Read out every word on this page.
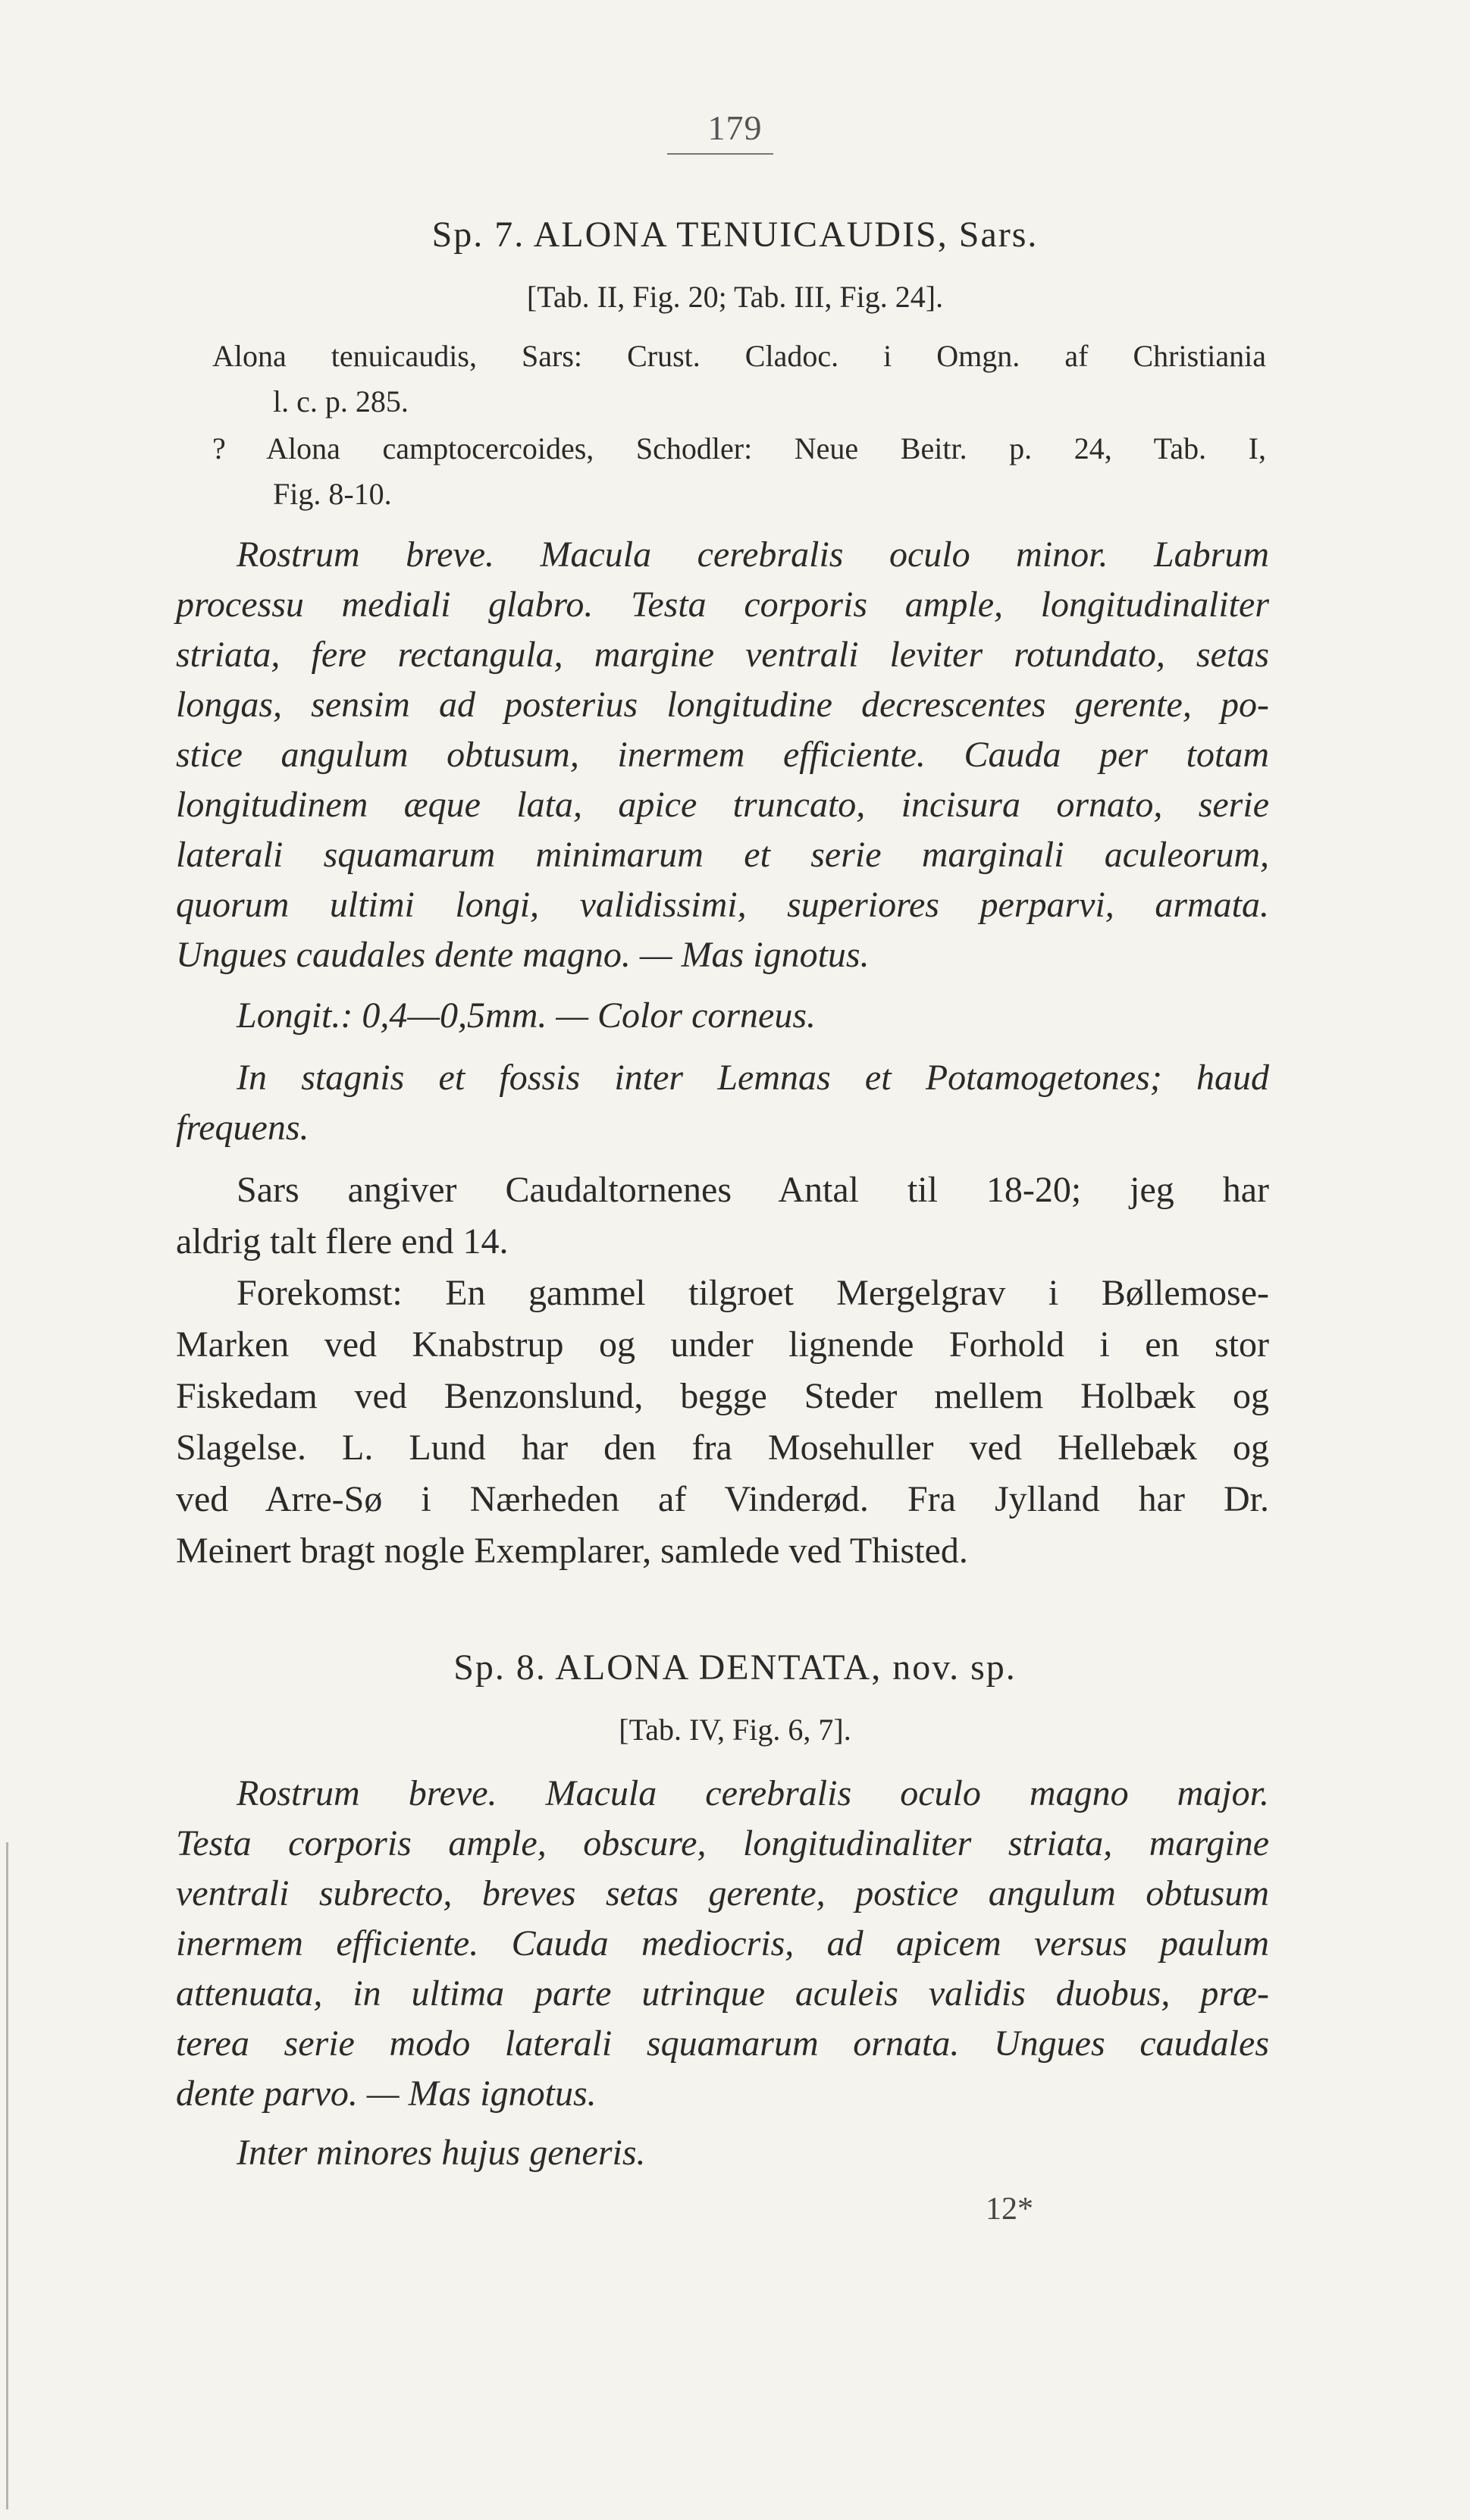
179
Sp. 7. ALONA TENUICAUDIS, Sars.
[Tab. II, Fig. 20; Tab. III, Fig. 24].
Alona tenuicaudis, Sars: Crust. Cladoc. i Omgn. af Christiania
l. c. p. 285.
? Alona camptocercoides, Schodler: Neue Beitr. p. 24, Tab. I,
Fig. 8-10.
Rostrum breve. Macula cerebralis oculo minor. Labrum
processu mediali glabro. Testa corporis ample, longitudinaliter
striata, fere rectangula, margine ventrali leviter rotundato, setas
longas, sensim ad posterius longitudine decrescentes gerente, po-
stice angulum obtusum, inermem efficiente. Cauda per totam
longitudinem æque lata, apice truncato, incisura ornato, serie
laterali squamarum minimarum et serie marginali aculeorum,
quorum ultimi longi, validissimi, superiores perparvi, armata.
Ungues caudales dente magno. — Mas ignotus.
Longit.: 0,4—0,5mm. — Color corneus.
In stagnis et fossis inter Lemnas et Potamogetones; haud
frequens.
Sars angiver Caudaltornenes Antal til 18-20; jeg har
aldrig talt flere end 14.
Forekomst: En gammel tilgroet Mergelgrav i Bøllemose-
Marken ved Knabstrup og under lignende Forhold i en stor
Fiskedam ved Benzonslund, begge Steder mellem Holbæk og
Slagelse. L. Lund har den fra Mosehuller ved Hellebæk og
ved Arre-Sø i Nærheden af Vinderød. Fra Jylland har Dr.
Meinert bragt nogle Exemplarer, samlede ved Thisted.
Sp. 8. ALONA DENTATA, nov. sp.
[Tab. IV, Fig. 6, 7].
Rostrum breve. Macula cerebralis oculo magno major.
Testa corporis ample, obscure, longitudinaliter striata, margine
ventrali subrecto, breves setas gerente, postice angulum obtusum
inermem efficiente. Cauda mediocris, ad apicem versus paulum
attenuata, in ultima parte utrinque aculeis validis duobus, præ-
terea serie modo laterali squamarum ornata. Ungues caudales
dente parvo. — Mas ignotus.
Inter minores hujus generis.
12*
